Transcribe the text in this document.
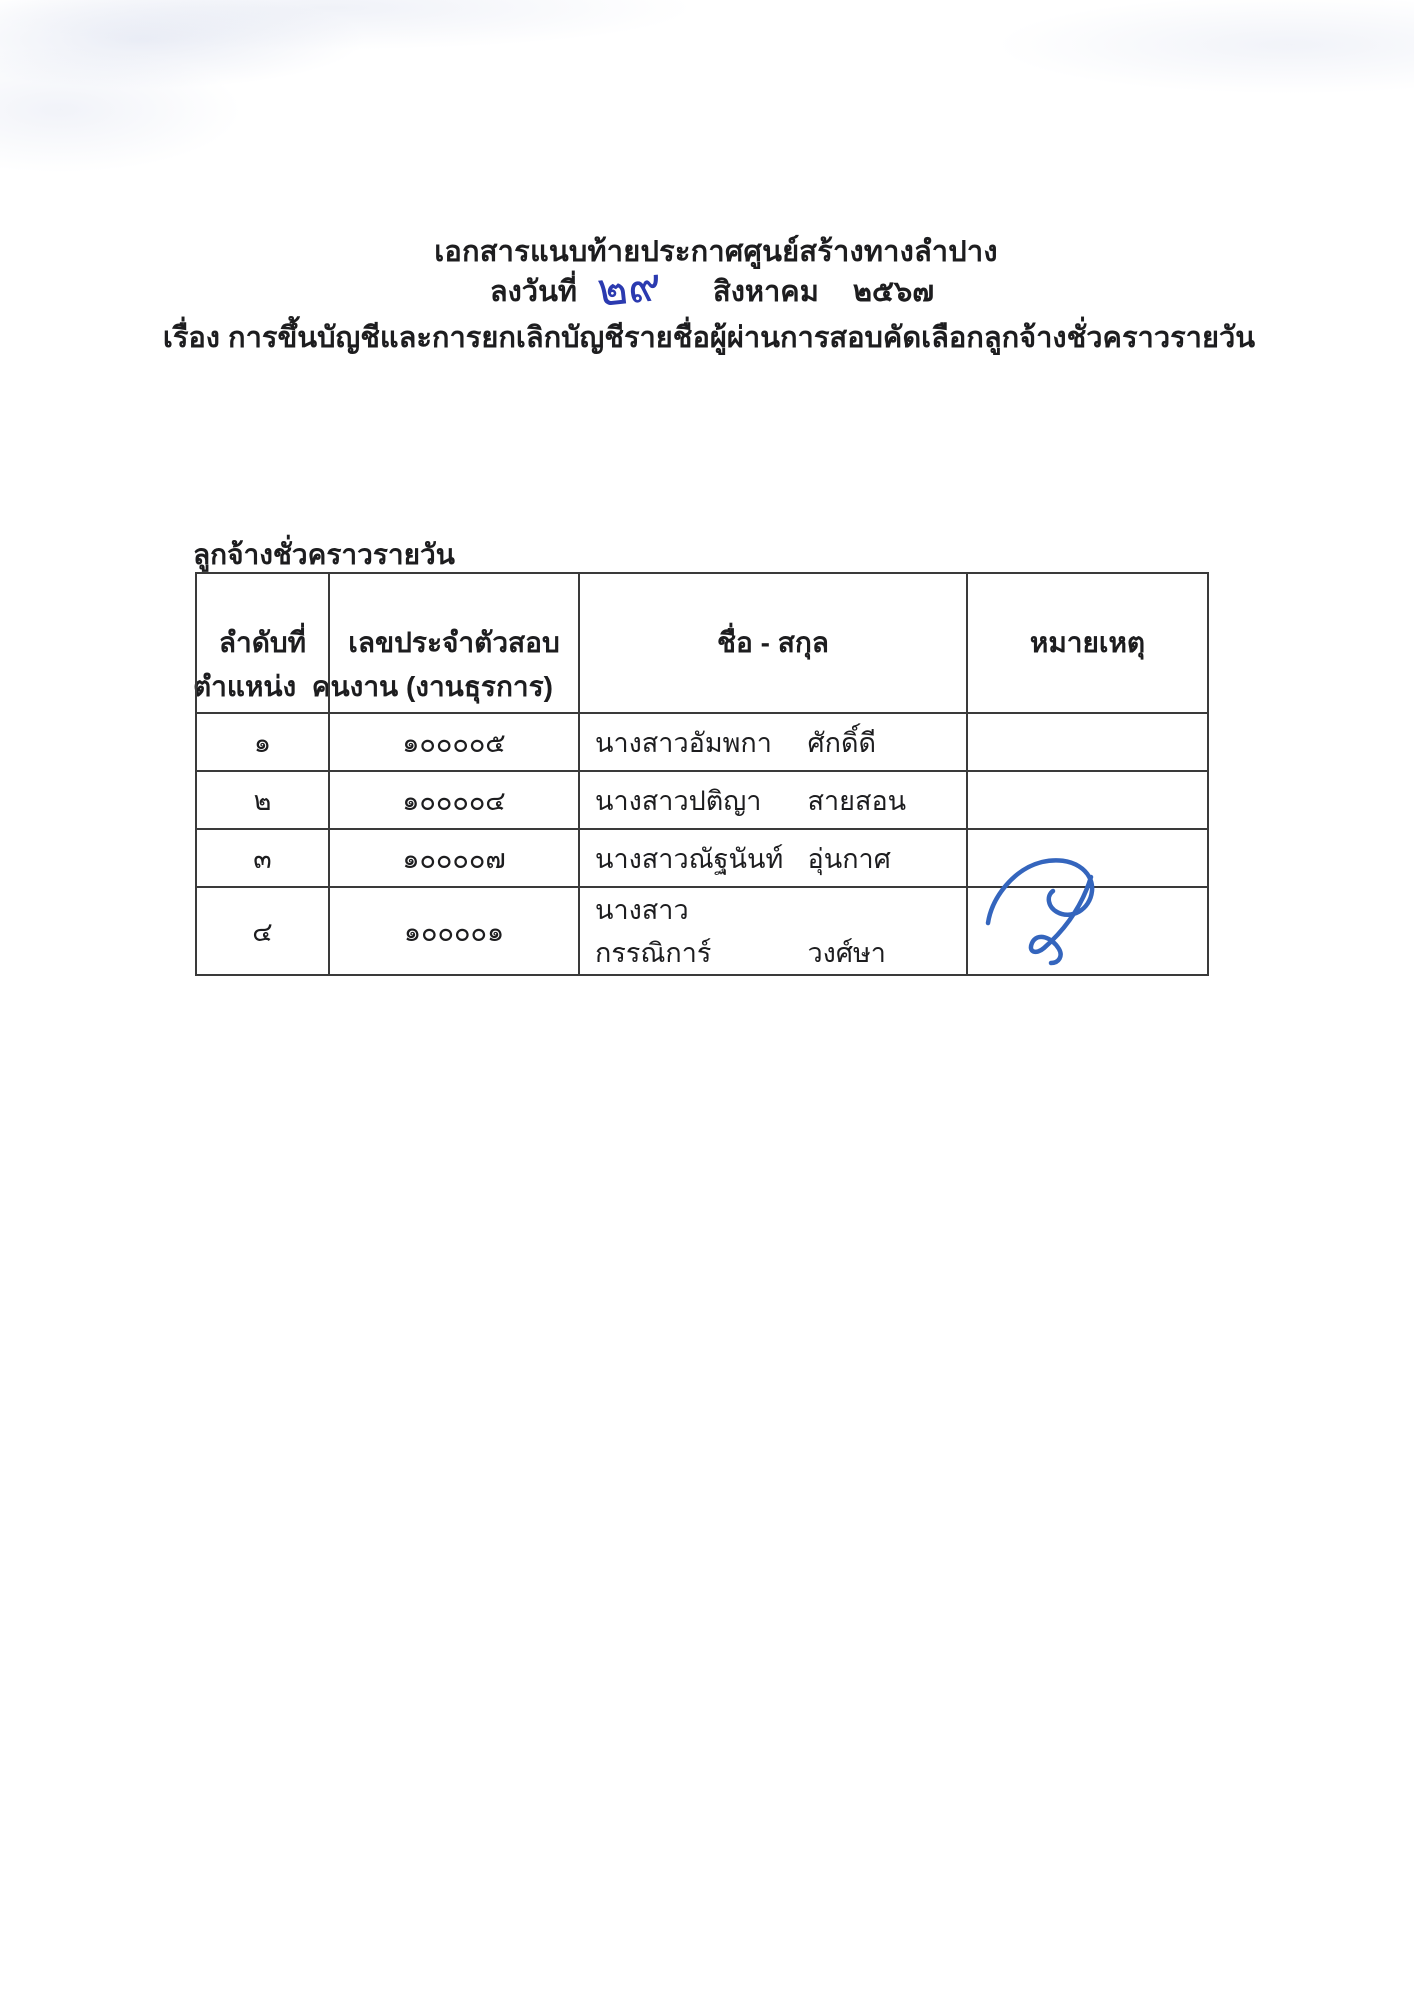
เอกสารแนบท้ายประกาศศูนย์สร้างทางลำปาง
ลงวันที่ ๒๙ สิงหาคม ๒๕๖๗
เรื่อง การขึ้นบัญชีและการยกเลิกบัญชีรายชื่อผู้ผ่านการสอบคัดเลือกลูกจ้างชั่วคราวรายวัน

ลูกจ้างชั่วคราวรายวัน

ตำแหน่ง  คนงาน (งานธุรการ)

ลำดับที่	เลขประจำตัวสอบ	ชื่อ - สกุล	หมายเหตุ
๑	๑๐๐๐๐๕	นางสาวอัมพกา ศักดิ์ดี	
๒	๑๐๐๐๐๔	นางสาวปติญา สายสอน	
๓	๑๐๐๐๐๗	นางสาวณัฐนันท์ อุ่นกาศ	
๔	๑๐๐๐๐๑	นางสาวกรรณิการ์ วงศ์ษา	
